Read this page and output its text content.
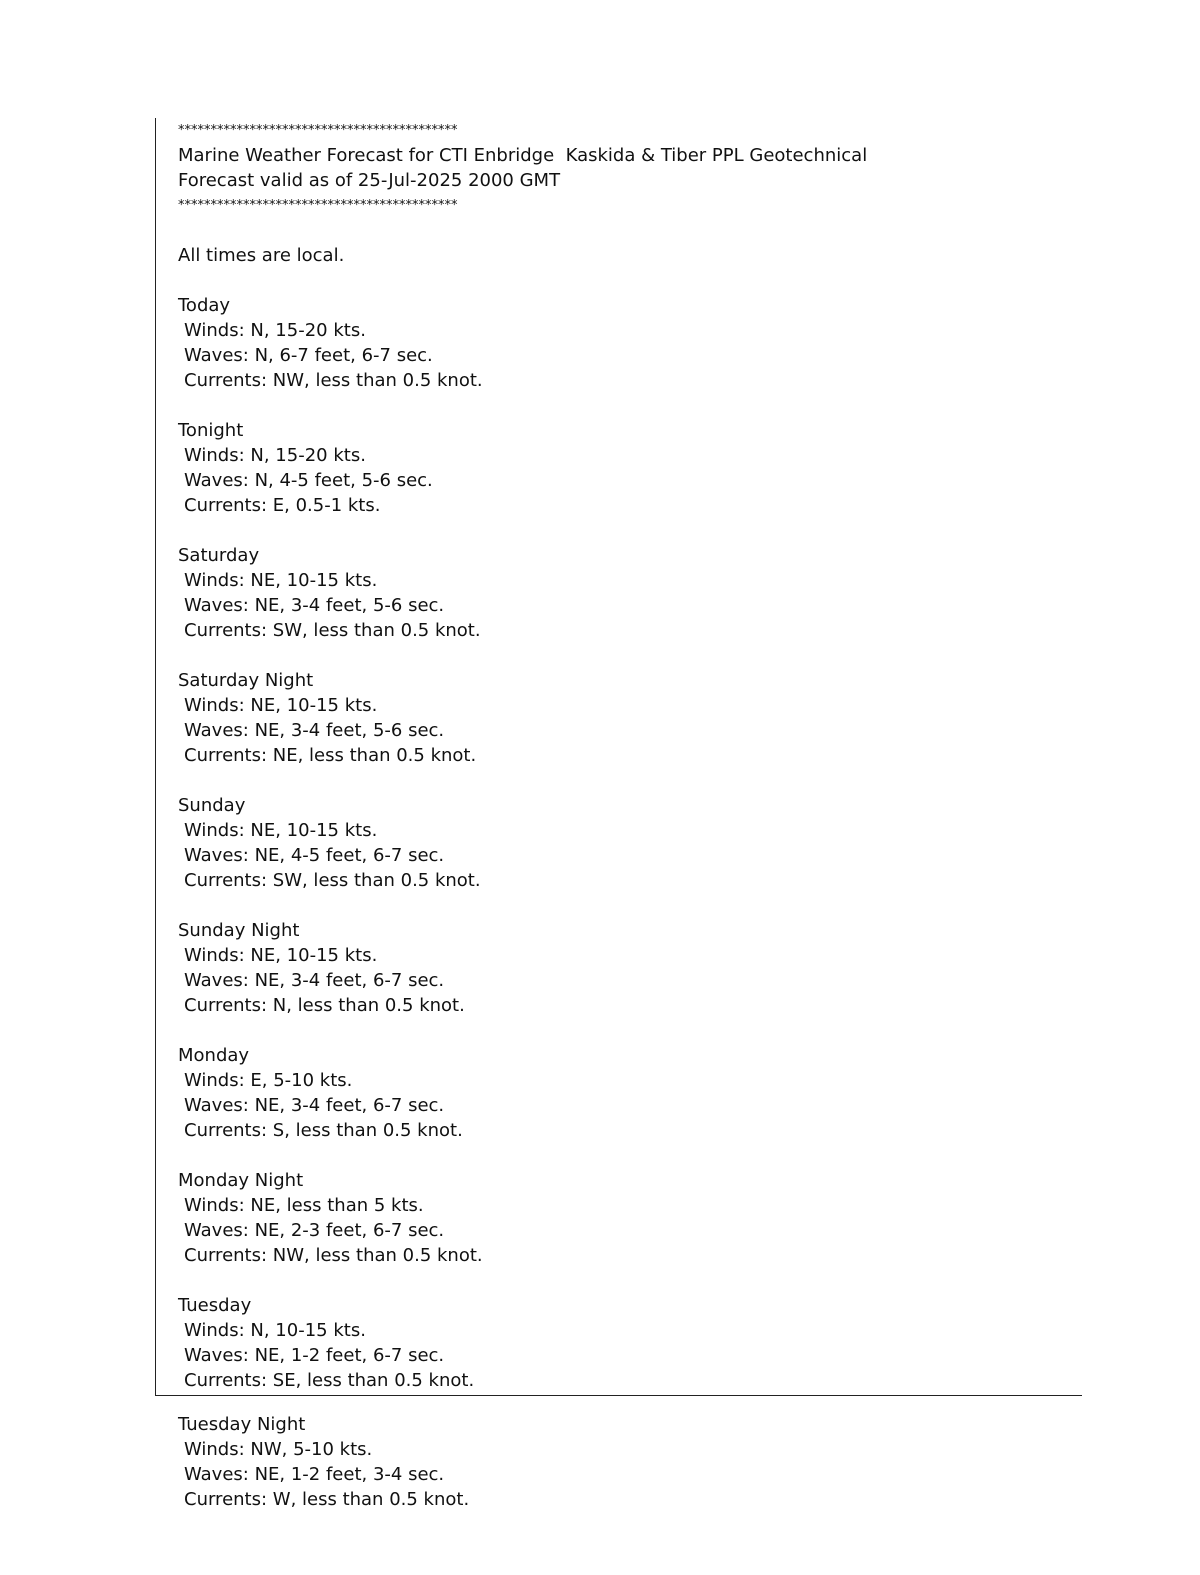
*******************************************
Marine Weather Forecast for CTI Enbridge  Kaskida & Tiber PPL Geotechnical
Forecast valid as of 25-Jul-2025 2000 GMT
*******************************************
All times are local.
Today
Winds: N, 15-20 kts.
Waves: N, 6-7 feet, 6-7 sec.
Currents: NW, less than 0.5 knot.
Tonight
Winds: N, 15-20 kts.
Waves: N, 4-5 feet, 5-6 sec.
Currents: E, 0.5-1 kts.
Saturday
Winds: NE, 10-15 kts.
Waves: NE, 3-4 feet, 5-6 sec.
Currents: SW, less than 0.5 knot.
Saturday Night
Winds: NE, 10-15 kts.
Waves: NE, 3-4 feet, 5-6 sec.
Currents: NE, less than 0.5 knot.
Sunday
Winds: NE, 10-15 kts.
Waves: NE, 4-5 feet, 6-7 sec.
Currents: SW, less than 0.5 knot.
Sunday Night
Winds: NE, 10-15 kts.
Waves: NE, 3-4 feet, 6-7 sec.
Currents: N, less than 0.5 knot.
Monday
Winds: E, 5-10 kts.
Waves: NE, 3-4 feet, 6-7 sec.
Currents: S, less than 0.5 knot.
Monday Night
Winds: NE, less than 5 kts.
Waves: NE, 2-3 feet, 6-7 sec.
Currents: NW, less than 0.5 knot.
Tuesday
Winds: N, 10-15 kts.
Waves: NE, 1-2 feet, 6-7 sec.
Currents: SE, less than 0.5 knot.
Tuesday Night
Winds: NW, 5-10 kts.
Waves: NE, 1-2 feet, 3-4 sec.
Currents: W, less than 0.5 knot.
